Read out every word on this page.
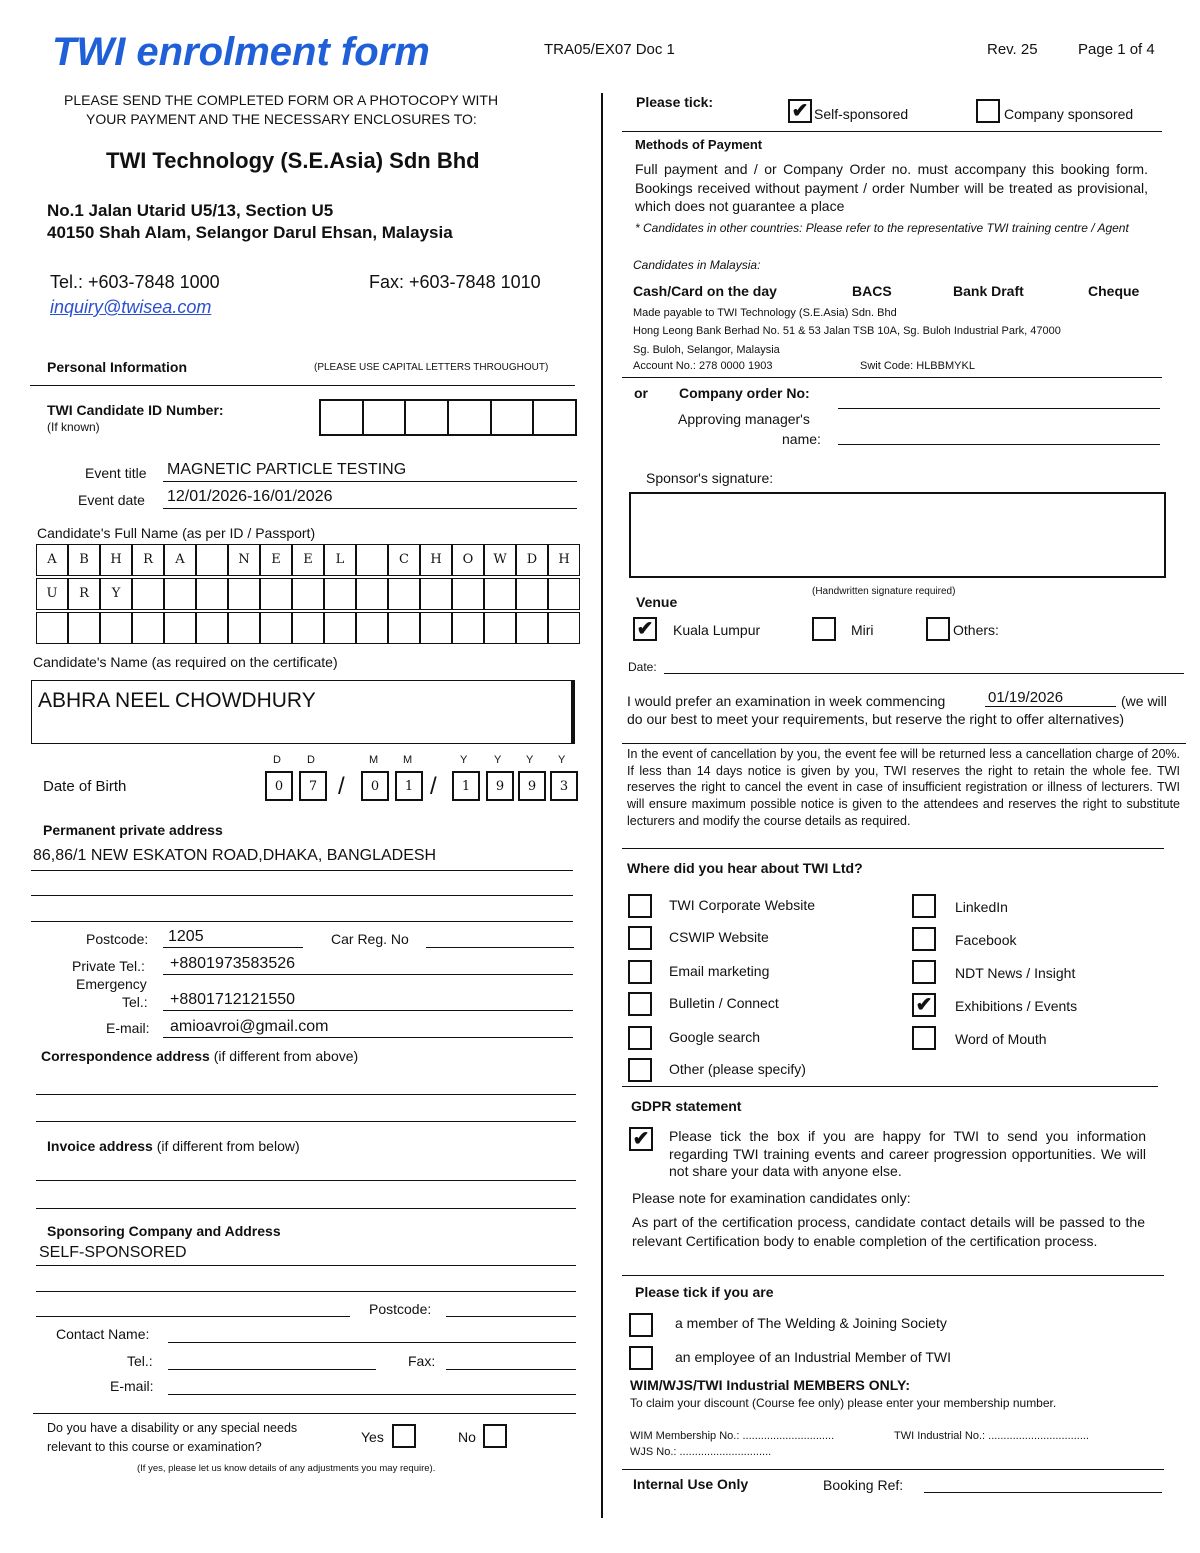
TWI enrolment form	TRA05/EX07 Doc 1	Rev. 25	Page 1 of 4
PLEASE SEND THE COMPLETED FORM OR A PHOTOCOPY WITH
YOUR PAYMENT AND THE NECESSARY ENCLOSURES TO:
TWI Technology (S.E.Asia) Sdn Bhd
No.1 Jalan Utarid U5/13, Section U5
40150 Shah Alam, Selangor Darul Ehsan, Malaysia
Tel.: +603-7848 1000	Fax: +603-7848 1010
inquiry@twisea.com
Personal Information	(PLEASE USE CAPITAL LETTERS THROUGHOUT)
TWI Candidate ID Number:
(If known)
Event title MAGNETIC PARTICLE TESTING
Event date 12/01/2026-16/01/2026
Candidate's Full Name (as per ID / Passport)
A	B	H	R	A	N	E	E	L	C	H	O	W	D	H
U	R	Y
Candidate's Name (as required on the certificate)
ABHRA NEEL CHOWDHURY
Date of Birth
D D	M M	Y Y Y Y
0	7	0	1	1	9	9	3
/	/
Permanent private address
86,86/1 NEW ESKATON ROAD,DHAKA, BANGLADESH
Postcode: 1205	Car Reg. No
Private Tel.: +8801973583526
Emergency
Tel.: +8801712121550
E-mail: amioavroi@gmail.com
Correspondence address (if different from above)
Invoice address (if different from below)
Sponsoring Company and Address
SELF-SPONSORED
Postcode:
Contact Name:
Tel.:	Fax:
E-mail:
Do you have a disability or any special needs
relevant to this course or examination?
Yes	No
(If yes, please let us know details of any adjustments you may require).
Please tick:	✔ Self-sponsored	Company sponsored
Methods of Payment
Full payment and / or Company Order no. must accompany this booking form. Bookings received without payment / order Number will be treated as provisional, which does not guarantee a place
* Candidates in other countries: Please refer to the representative TWI training centre / Agent
Candidates in Malaysia:
Cash/Card on the day	BACS	Bank Draft	Cheque
Made payable to TWI Technology (S.E.Asia) Sdn. Bhd
Hong Leong Bank Berhad No. 51 & 53 Jalan TSB 10A, Sg. Buloh Industrial Park, 47000
Sg. Buloh, Selangor, Malaysia
Account No.: 278 0000 1903	Swit Code: HLBBMYKL
or Company order No:
Approving manager's
name:
Sponsor's signature:
(Handwritten signature required)
Venue
✔ Kuala Lumpur	Miri	Others:
Date:
I would prefer an examination in week commencing	01/19/2026	(we will
do our best to meet your requirements, but reserve the right to offer alternatives)
In the event of cancellation by you, the event fee will be returned less a cancellation charge of 20%. If less than 14 days notice is given by you, TWI reserves the right to retain the whole fee. TWI reserves the right to cancel the event in case of insufficient registration or illness of lecturers. TWI will ensure maximum possible notice is given to the attendees and reserves the right to substitute lecturers and modify the course details as required.
Where did you hear about TWI Ltd?
TWI Corporate Website
CSWIP Website
Email marketing
Bulletin / Connect
Google search
Other (please specify)
LinkedIn
Facebook
NDT News / Insight
✔ Exhibitions / Events
Word of Mouth
GDPR statement
✔ Please tick the box if you are happy for TWI to send you information regarding TWI training events and career progression opportunities. We will not share your data with anyone else.
Please note for examination candidates only:
As part of the certification process, candidate contact details will be passed to the relevant Certification body to enable completion of the certification process.
Please tick if you are
a member of The Welding & Joining Society
an employee of an Industrial Member of TWI
WIM/WJS/TWI Industrial MEMBERS ONLY:
To claim your discount (Course fee only) please enter your membership number.
WIM Membership No.: ..............................	TWI Industrial No.: .................................
WJS No.: ..............................
Internal Use Only	Booking Ref:
